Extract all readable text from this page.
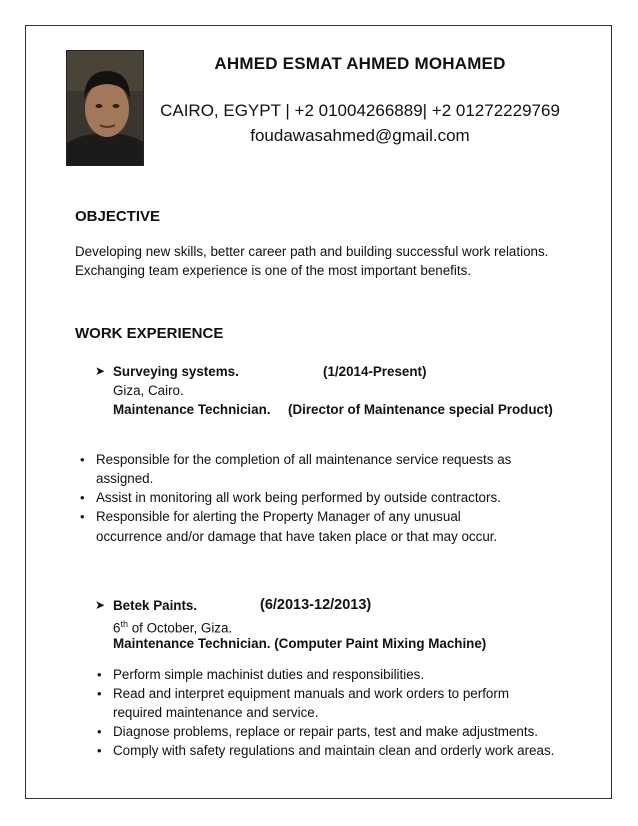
AHMED ESMAT AHMED MOHAMED
CAIRO, EGYPT | +2 01004266889| +2 01272229769
foudawasahmed@gmail.com
OBJECTIVE
Developing new skills, better career path and building successful work relations.
Exchanging team experience is one of the most important benefits.
WORK EXPERIENCE
➤ Surveying systems.	(1/2014-Present)
Giza, Cairo.
Maintenance Technician. (Director of Maintenance special Product)
• Responsible for the completion of all maintenance service requests as assigned.
• Assist in monitoring all work being performed by outside contractors.
• Responsible for alerting the Property Manager of any unusual occurrence and/or damage that have taken place or that may occur.
➤ Betek Paints.	(6/2013-12/2013)
6th of October, Giza.
Maintenance Technician. (Computer Paint Mixing Machine)
• Perform simple machinist duties and responsibilities.
• Read and interpret equipment manuals and work orders to perform required maintenance and service.
• Diagnose problems, replace or repair parts, test and make adjustments.
• Comply with safety regulations and maintain clean and orderly work areas.
